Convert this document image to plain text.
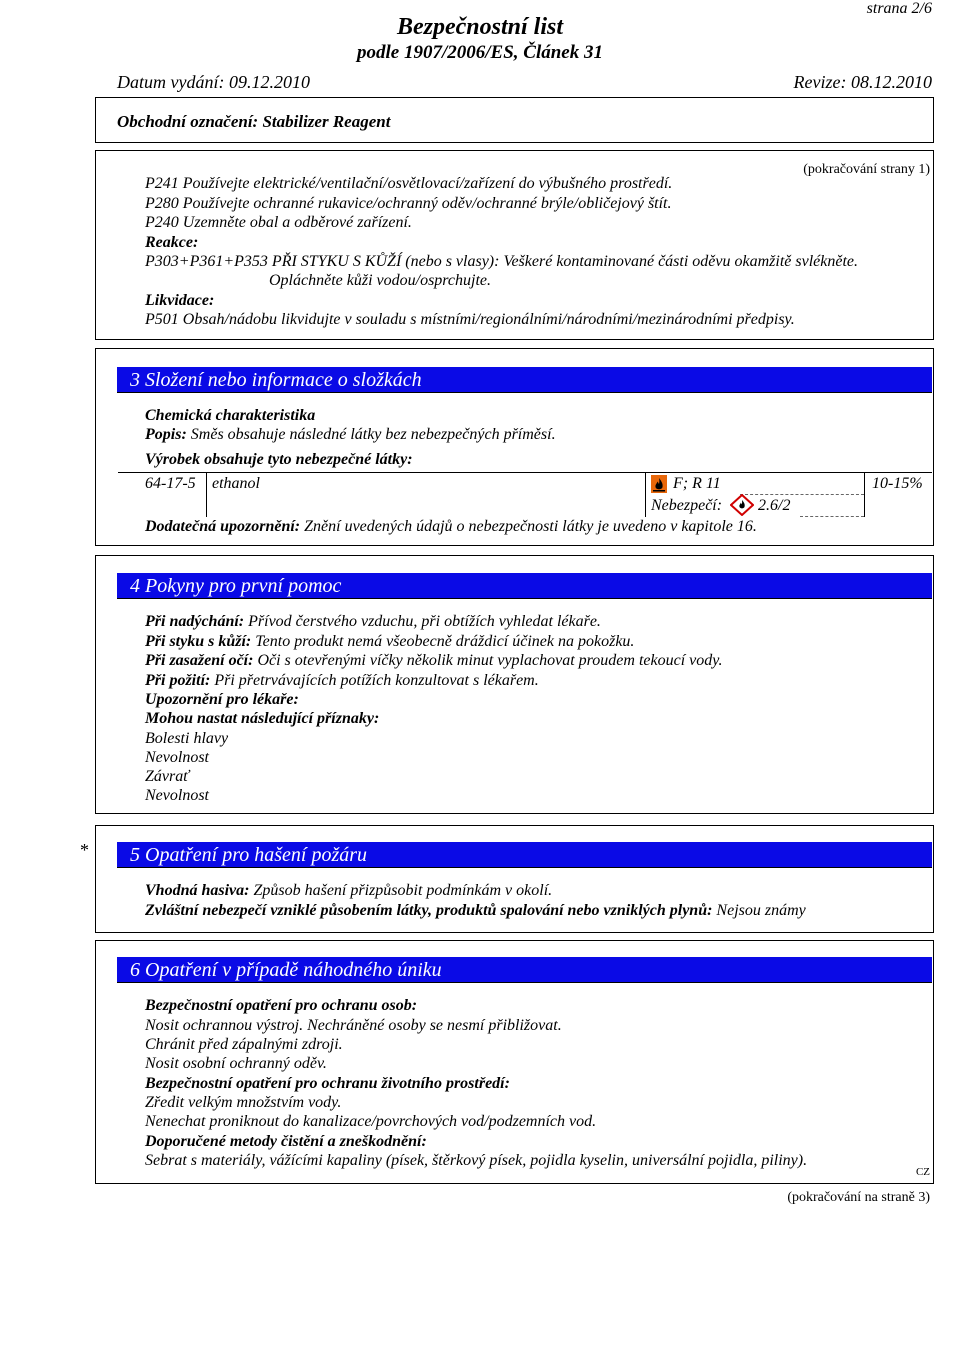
strana 2/6
Bezpečnostní list
podle 1907/2006/ES, Článek 31
Datum vydání: 09.12.2010	Revize: 08.12.2010
Obchodní označení: Stabilizer Reagent
(pokračování strany 1)
P241 Používejte elektrické/ventilační/osvětlovací/zařízení do výbušného prostředí.
P280 Používejte ochranné rukavice/ochranný oděv/ochranné brýle/obličejový štít.
P240 Uzemněte obal a odběrové zařízení.
Reakce:
P303+P361+P353 PŘI STYKU S KŮŽÍ (nebo s vlasy): Veškeré kontaminované části oděvu okamžitě svlékněte.
Opláchněte kůži vodou/osprchujte.
Likvidace:
P501 Obsah/nádobu likvidujte v souladu s místními/regionálními/národními/mezinárodními předpisy.
3 Složení nebo informace o složkách
Chemická charakteristika
Popis: Směs obsahuje následné látky bez nebezpečných příměsí.
Výrobek obsahuje tyto nebezpečné látky:
64-17-5 ethanol	F; R 11	10-15%
Nebezpečí: 2.6/2
Dodatečná upozornění: Znění uvedených údajů o nebezpečnosti látky je uvedeno v kapitole 16.
4 Pokyny pro první pomoc
Při nadýchání: Přívod čerstvého vzduchu, při obtížích vyhledat lékaře.
Při styku s kůží: Tento produkt nemá všeobecně dráždicí účinek na pokožku.
Při zasažení očí: Oči s otevřenými víčky několik minut vyplachovat proudem tekoucí vody.
Při požití: Při přetrvávajících potížích konzultovat s lékařem.
Upozornění pro lékaře:
Mohou nastat následující příznaky:
Bolesti hlavy
Nevolnost
Závrať
Nevolnost
*	5 Opatření pro hašení požáru
Vhodná hasiva: Způsob hašení přizpůsobit podmínkám v okolí.
Zvláštní nebezpečí vzniklé působením látky, produktů spalování nebo vzniklých plynů: Nejsou známy
6 Opatření v případě náhodného úniku
Bezpečnostní opatření pro ochranu osob:
Nosit ochrannou výstroj. Nechráněné osoby se nesmí přibližovat.
Chránit před zápalnými zdroji.
Nosit osobní ochranný oděv.
Bezpečnostní opatření pro ochranu životního prostředí:
Zředit velkým množstvím vody.
Nenechat proniknout do kanalizace/povrchových vod/podzemních vod.
Doporučené metody čistění a zneškodnění:
Sebrat s materiály, vážícími kapaliny (písek, štěrkový písek, pojidla kyselin, universální pojidla, piliny).
CZ
(pokračování na straně 3)
